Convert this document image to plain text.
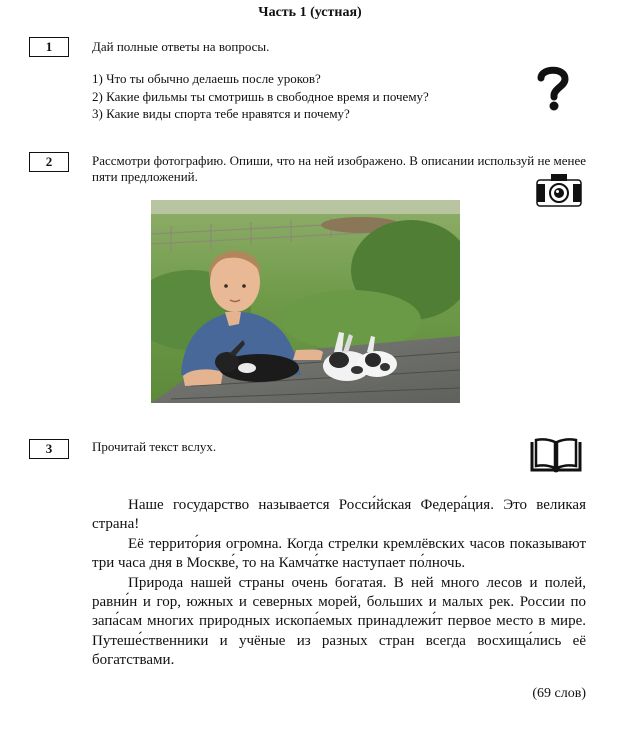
Часть 1 (устная)
1	Дай полные ответы на вопросы.
1) Что ты обычно делаешь после уроков?
2) Какие фильмы ты смотришь в свободное время и почему?
3) Какие виды спорта тебе нравятся и почему?
2	Рассмотри фотографию. Опиши, что на ней изображено. В описании используй не менее пяти предложений.
3	Прочитай текст вслух.

Наше государство называется Росси́йская Федера́ция. Это великая страна!

Её террито́рия огромна. Когда стрелки кремлёвских часов показывают три часа дня в Москве́, то на Камча́тке наступает по́лночь.

Природа нашей страны очень богатая. В ней много лесов и полей, равни́н и гор, южных и северных морей, больших и малых рек. России по запа́сам многих природных ископа́емых принадлежи́т первое место в мире. Путеше́ственники и учёные из разных стран всегда восхища́лись её богатствами.

(69 слов)
